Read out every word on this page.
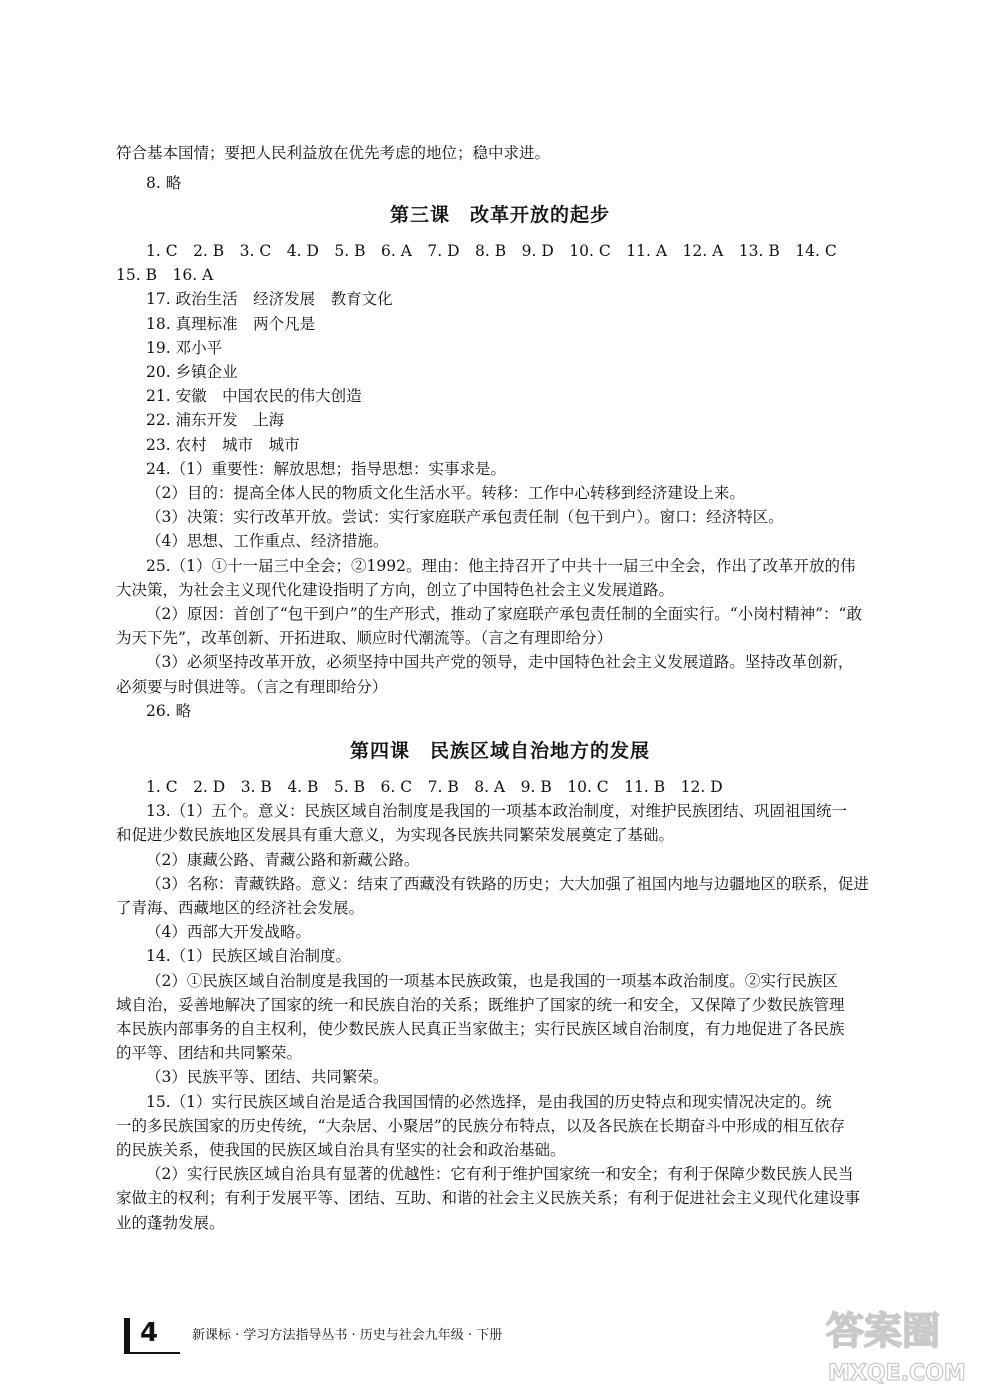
符合基本国情；要把人民利益放在优先考虑的地位；稳中求进。
8. 略
第三课　改革开放的起步
1. C　2. B　3. C　4. D　5. B　6. A　7. D　8. B　9. D　10. C　11. A　12. A　13. B　14. C
15. B　16. A
17. 政治生活　经济发展　教育文化
18. 真理标准　两个凡是
19. 邓小平
20. 乡镇企业
21. 安徽　中国农民的伟大创造
22. 浦东开发　上海
23. 农村　城市　城市
24.（1）重要性：解放思想；指导思想：实事求是。
（2）目的：提高全体人民的物质文化生活水平。转移：工作中心转移到经济建设上来。
（3）决策：实行改革开放。尝试：实行家庭联产承包责任制（包干到户）。窗口：经济特区。
（4）思想、工作重点、经济措施。
25.（1）①十一届三中全会；②1992。理由：他主持召开了中共十一届三中全会，作出了改革开放的伟
大决策，为社会主义现代化建设指明了方向，创立了中国特色社会主义发展道路。
（2）原因：首创了“包干到户”的生产形式，推动了家庭联产承包责任制的全面实行。“小岗村精神”：“敢
为天下先”，改革创新、开拓进取、顺应时代潮流等。（言之有理即给分）
（3）必须坚持改革开放，必须坚持中国共产党的领导，走中国特色社会主义发展道路。坚持改革创新，
必须要与时俱进等。（言之有理即给分）
26. 略
第四课　民族区域自治地方的发展
1. C　2. D　3. B　4. B　5. B　6. C　7. B　8. A　9. B　10. C　11. B　12. D
13.（1）五个。意义：民族区域自治制度是我国的一项基本政治制度，对维护民族团结、巩固祖国统一
和促进少数民族地区发展具有重大意义，为实现各民族共同繁荣发展奠定了基础。
（2）康藏公路、青藏公路和新藏公路。
（3）名称：青藏铁路。意义：结束了西藏没有铁路的历史；大大加强了祖国内地与边疆地区的联系，促进
了青海、西藏地区的经济社会发展。
（4）西部大开发战略。
14.（1）民族区域自治制度。
（2）①民族区域自治制度是我国的一项基本民族政策，也是我国的一项基本政治制度。②实行民族区
域自治，妥善地解决了国家的统一和民族自治的关系；既维护了国家的统一和安全，又保障了少数民族管理
本民族内部事务的自主权利，使少数民族人民真正当家做主；实行民族区域自治制度，有力地促进了各民族
的平等、团结和共同繁荣。
（3）民族平等、团结、共同繁荣。
15.（1）实行民族区域自治是适合我国国情的必然选择，是由我国的历史特点和现实情况决定的。统
一的多民族国家的历史传统，“大杂居、小聚居”的民族分布特点，以及各民族在长期奋斗中形成的相互依存
的民族关系，使我国的民族区域自治具有坚实的社会和政治基础。
（2）实行民族区域自治具有显著的优越性：它有利于维护国家统一和安全；有利于保障少数民族人民当
家做主的权利；有利于发展平等、团结、互助、和谐的社会主义民族关系；有利于促进社会主义现代化建设事
业的蓬勃发展。
4	新课标 · 学习方法指导丛书 · 历史与社会九年级 · 下册	答案圈
MXQE.COM
